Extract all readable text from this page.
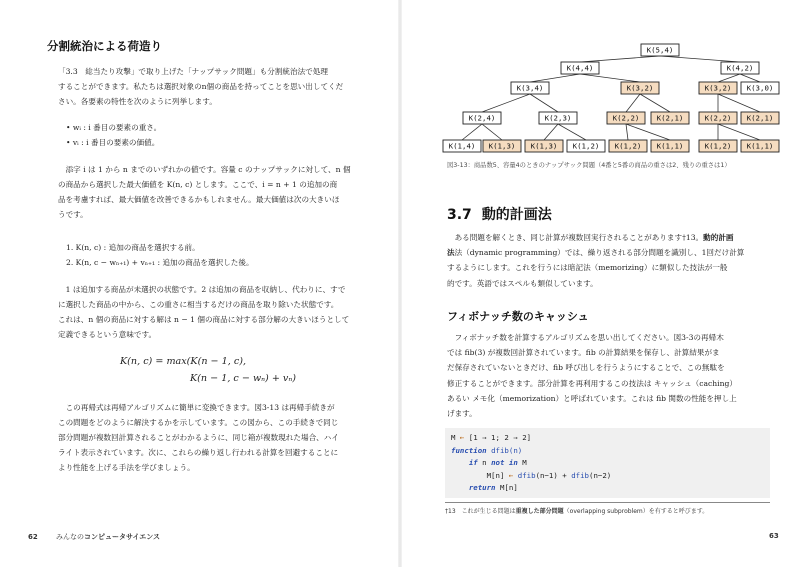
分割統治による荷造り
「3.3　総当たり攻撃」で取り上げた「ナップサック問題」も分割統治法で処理
することができます。私たちは選択対象のn個の商品を持ってことを思い出してくだ
さい。各要素の特性を次のように列挙します。
• wᵢ : i 番目の要素の重さ。
• vᵢ : i 番目の要素の価値。
　添字 i は 1 から n までのいずれかの値です。容量 c のナップサックに対して、n 個
の商品から選択した最大価値を K(n, c) とします。ここで、i = n + 1 の追加の商
品を考慮すれば、最大価値を改善できるかもしれません。最大価値は次の大きいほ
うです。
1. K(n, c) : 追加の商品を選択する前。
2. K(n, c − wₙ₊₁) + vₙ₊₁ : 追加の商品を選択した後。
　1 は追加する商品が未選択の状態です。2 は追加の商品を収納し、代わりに、すで
に選択した商品の中から、この重さに相当するだけの商品を取り除いた状態です。
これは、n 個の商品に対する解は n − 1 個の商品に対する部分解の大きいほうとして
定義できるという意味です。
K(n, c) = max(K(n − 1, c),
K(n − 1, c − wₙ) + vₙ)
　この再帰式は再帰アルゴリズムに簡単に変換できます。図3-13 は再帰手続きが
この問題をどのように解決するかを示しています。この図から、この手続きで同じ
部分問題が複数回計算されることがわかるように、同じ箱が複数現れた場合、ハイ
ライト表示されています。次に、これらの繰り返し行われる計算を回避することに
より性能を上げる手法を学びましょう。
62	みんなのコンピュータサイエンス
K(5,4)
K(4,4)	K(4,2)
K(3,4)	K(3,2)	K(3,2) K(3,0)
K(2,4)	K(2,3)	K(2,2) K(2,1)	K(2,2) K(2,1)
K(1,4) K(1,3) K(1,3) K(1,2) K(1,2) K(1,1)	K(1,2) K(1,1)
図3-13：商品数5、容量4のときのナップサック問題（4番と5番の商品の重さは2、残りの重さは1）
3.7 動的計画法
　ある問題を解くとき、同じ計算が複数回実行されることがあります†13。動的計画
法法（dynamic programming）では、繰り返される部分問題を識別し、1回だけ計算
するようにします。これを行うには暗記法（memorizing）に類似した技法が一般
的です。英語ではスペルも類似しています。
フィボナッチ数のキャッシュ
　フィボナッチ数を計算するアルゴリズムを思い出してください。図3-3の再帰木
では fib(3) が複数回計算されています。fib の計算結果を保存し、計算結果がま
だ保存されていないときだけ、fib 呼び出しを行うようにすることで、この無駄を
修正することができます。部分計算を再利用するこの技法は キャッシュ（caching）
あるい メモ化（memorization）と呼ばれています。これは fib 関数の性能を押し上
げます。
M ← [1 ⇒ 1; 2 ⇒ 2]
function dfib(n)
if n not in M
M[n] ← dfib(n−1) + dfib(n−2)
return M[n]
†13　これが生じる問題は重複した部分問題（overlapping subproblem）を有すると呼びます。
63
